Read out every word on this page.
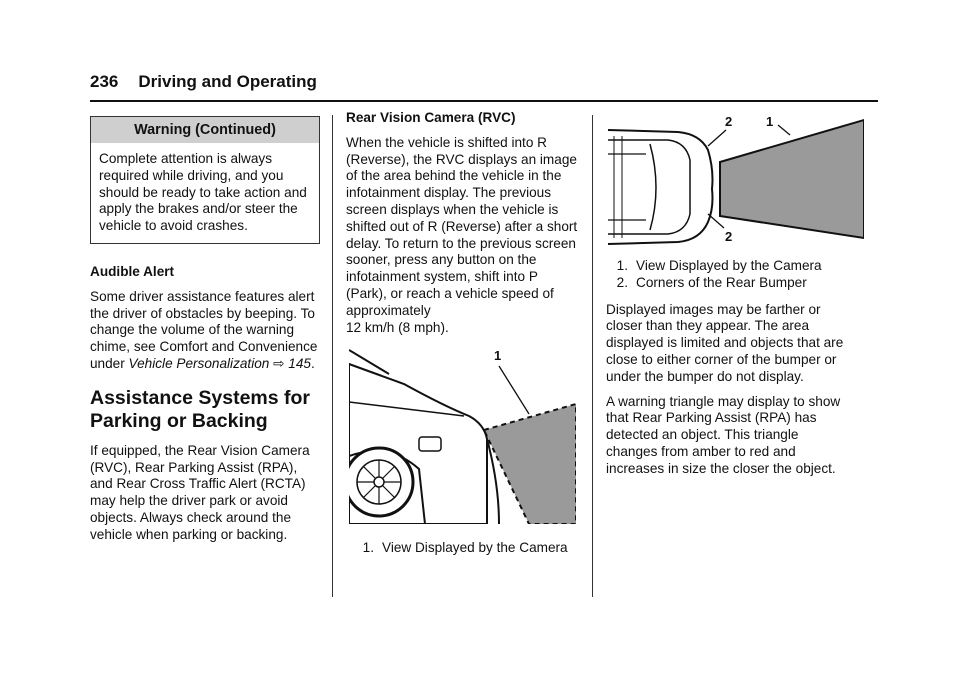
236 Driving and Operating
Warning (Continued)
Complete attention is always required while driving, and you should be ready to take action and apply the brakes and/or steer the vehicle to avoid crashes.
Audible Alert

Some driver assistance features alert the driver of obstacles by beeping. To change the volume of the warning chime, see Comfort and Convenience under Vehicle Personalization ⇨ 145.

Assistance Systems for Parking or Backing

If equipped, the Rear Vision Camera (RVC), Rear Parking Assist (RPA), and Rear Cross Traffic Alert (RCTA) may help the driver park or avoid objects. Always check around the vehicle when parking or backing.

Rear Vision Camera (RVC)

When the vehicle is shifted into R (Reverse), the RVC displays an image of the area behind the vehicle in the infotainment display. The previous screen displays when the vehicle is shifted out of R (Reverse) after a short delay. To return to the previous screen sooner, press any button on the infotainment system, shift into P (Park), or reach a vehicle speed of approximately
12 km/h (8 mph).

1
1. View Displayed by the Camera
2	1
2
1. View Displayed by the Camera
2. Corners of the Rear Bumper

Displayed images may be farther or closer than they appear. The area displayed is limited and objects that are close to either corner of the bumper or under the bumper do not display.

A warning triangle may display to show that Rear Parking Assist (RPA) has detected an object. This triangle changes from amber to red and increases in size the closer the object.
